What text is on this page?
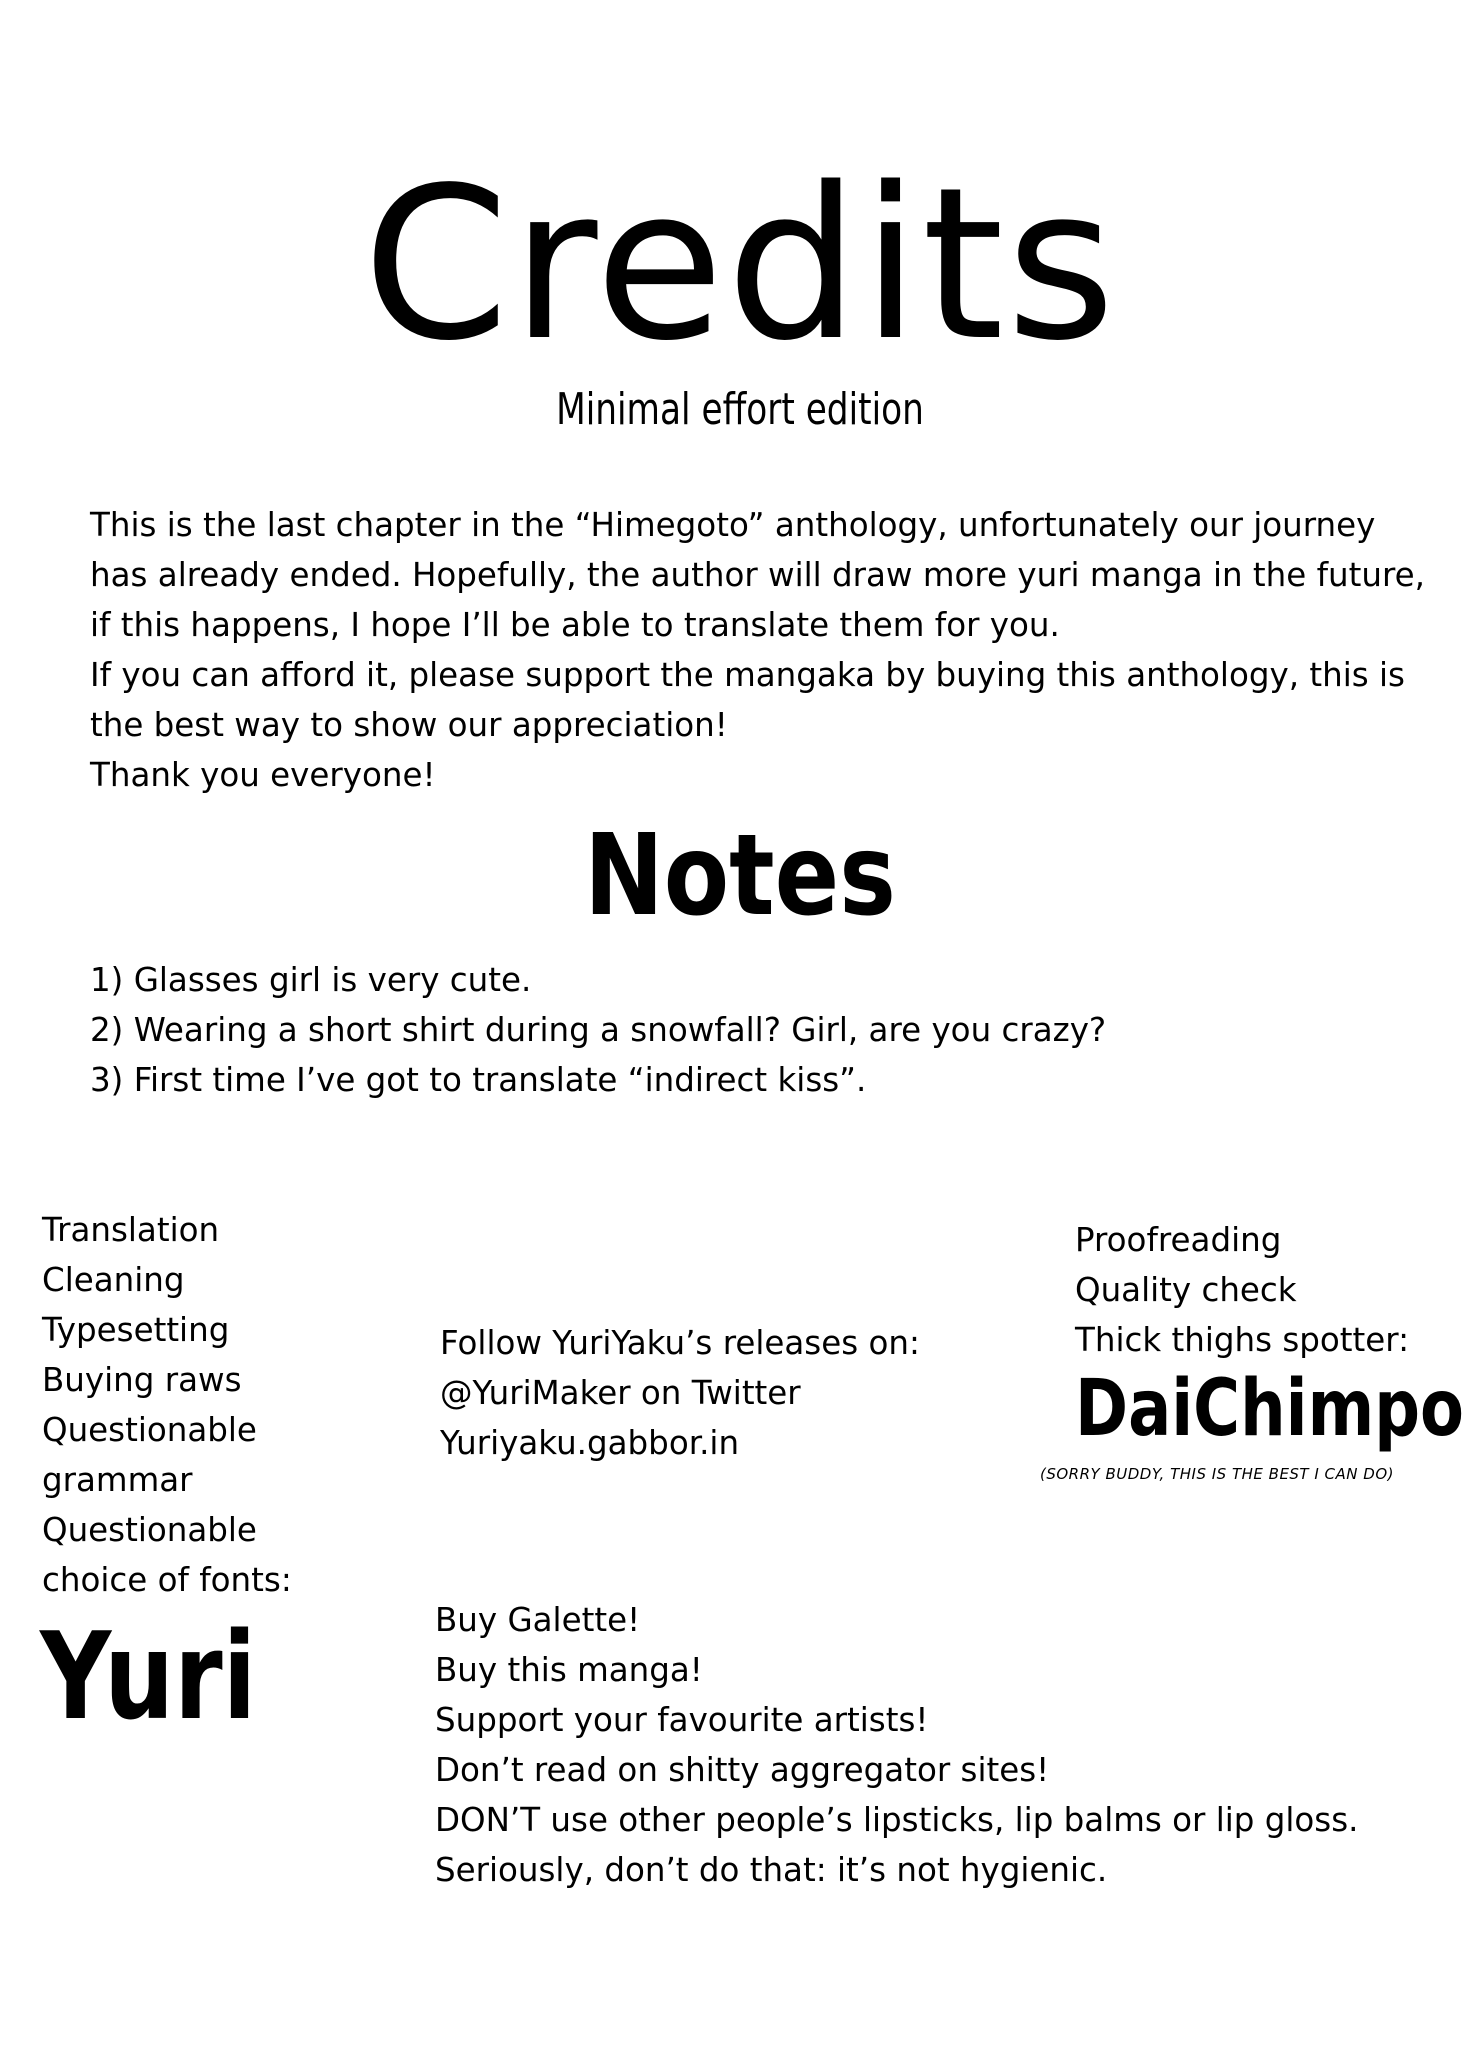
Credits
Minimal effort edition
This is the last chapter in the “Himegoto” anthology, unfortunately our journey
has already ended. Hopefully, the author will draw more yuri manga in the future,
if this happens, I hope I’ll be able to translate them for you.
If you can afford it, please support the mangaka by buying this anthology, this is
the best way to show our appreciation!
Thank you everyone!
Notes
1) Glasses girl is very cute.
2) Wearing a short shirt during a snowfall? Girl, are you crazy?
3) First time I’ve got to translate “indirect kiss”.
Translation
Cleaning
Typesetting
Buying raws
Questionable
grammar
Questionable
choice of fonts:
Yuri
Follow YuriYaku’s releases on:
@YuriMaker on Twitter
Yuriyaku.gabbor.in
Proofreading
Quality check
Thick thighs spotter:
DaiChimpo
(SORRY BUDDY, THIS IS THE BEST I CAN DO)
Buy Galette!
Buy this manga!
Support your favourite artists!
Don’t read on shitty aggregator sites!
DON’T use other people’s lipsticks, lip balms or lip gloss.
Seriously, don’t do that: it’s not hygienic.
